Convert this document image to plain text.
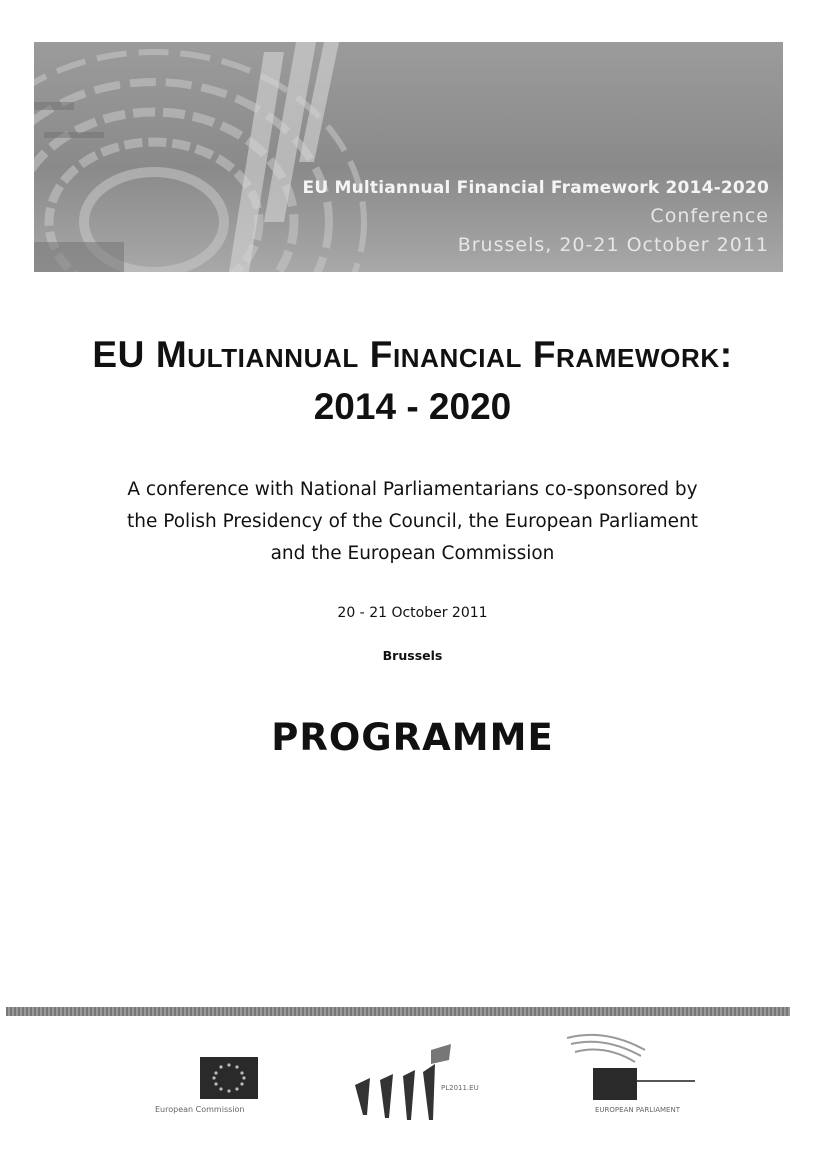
EU Multiannual Financial Framework 2014-2020
Conference
Brussels, 20-21 October 2011
EU Multiannual Financial Framework:
2014 - 2020
A conference with National Parliamentarians co-sponsored by
the Polish Presidency of the Council, the European Parliament
and the European Commission
20 - 21 October 2011
Brussels
PROGRAMME
European Commission
PL2011.EU
EUROPEAN PARLIAMENT
